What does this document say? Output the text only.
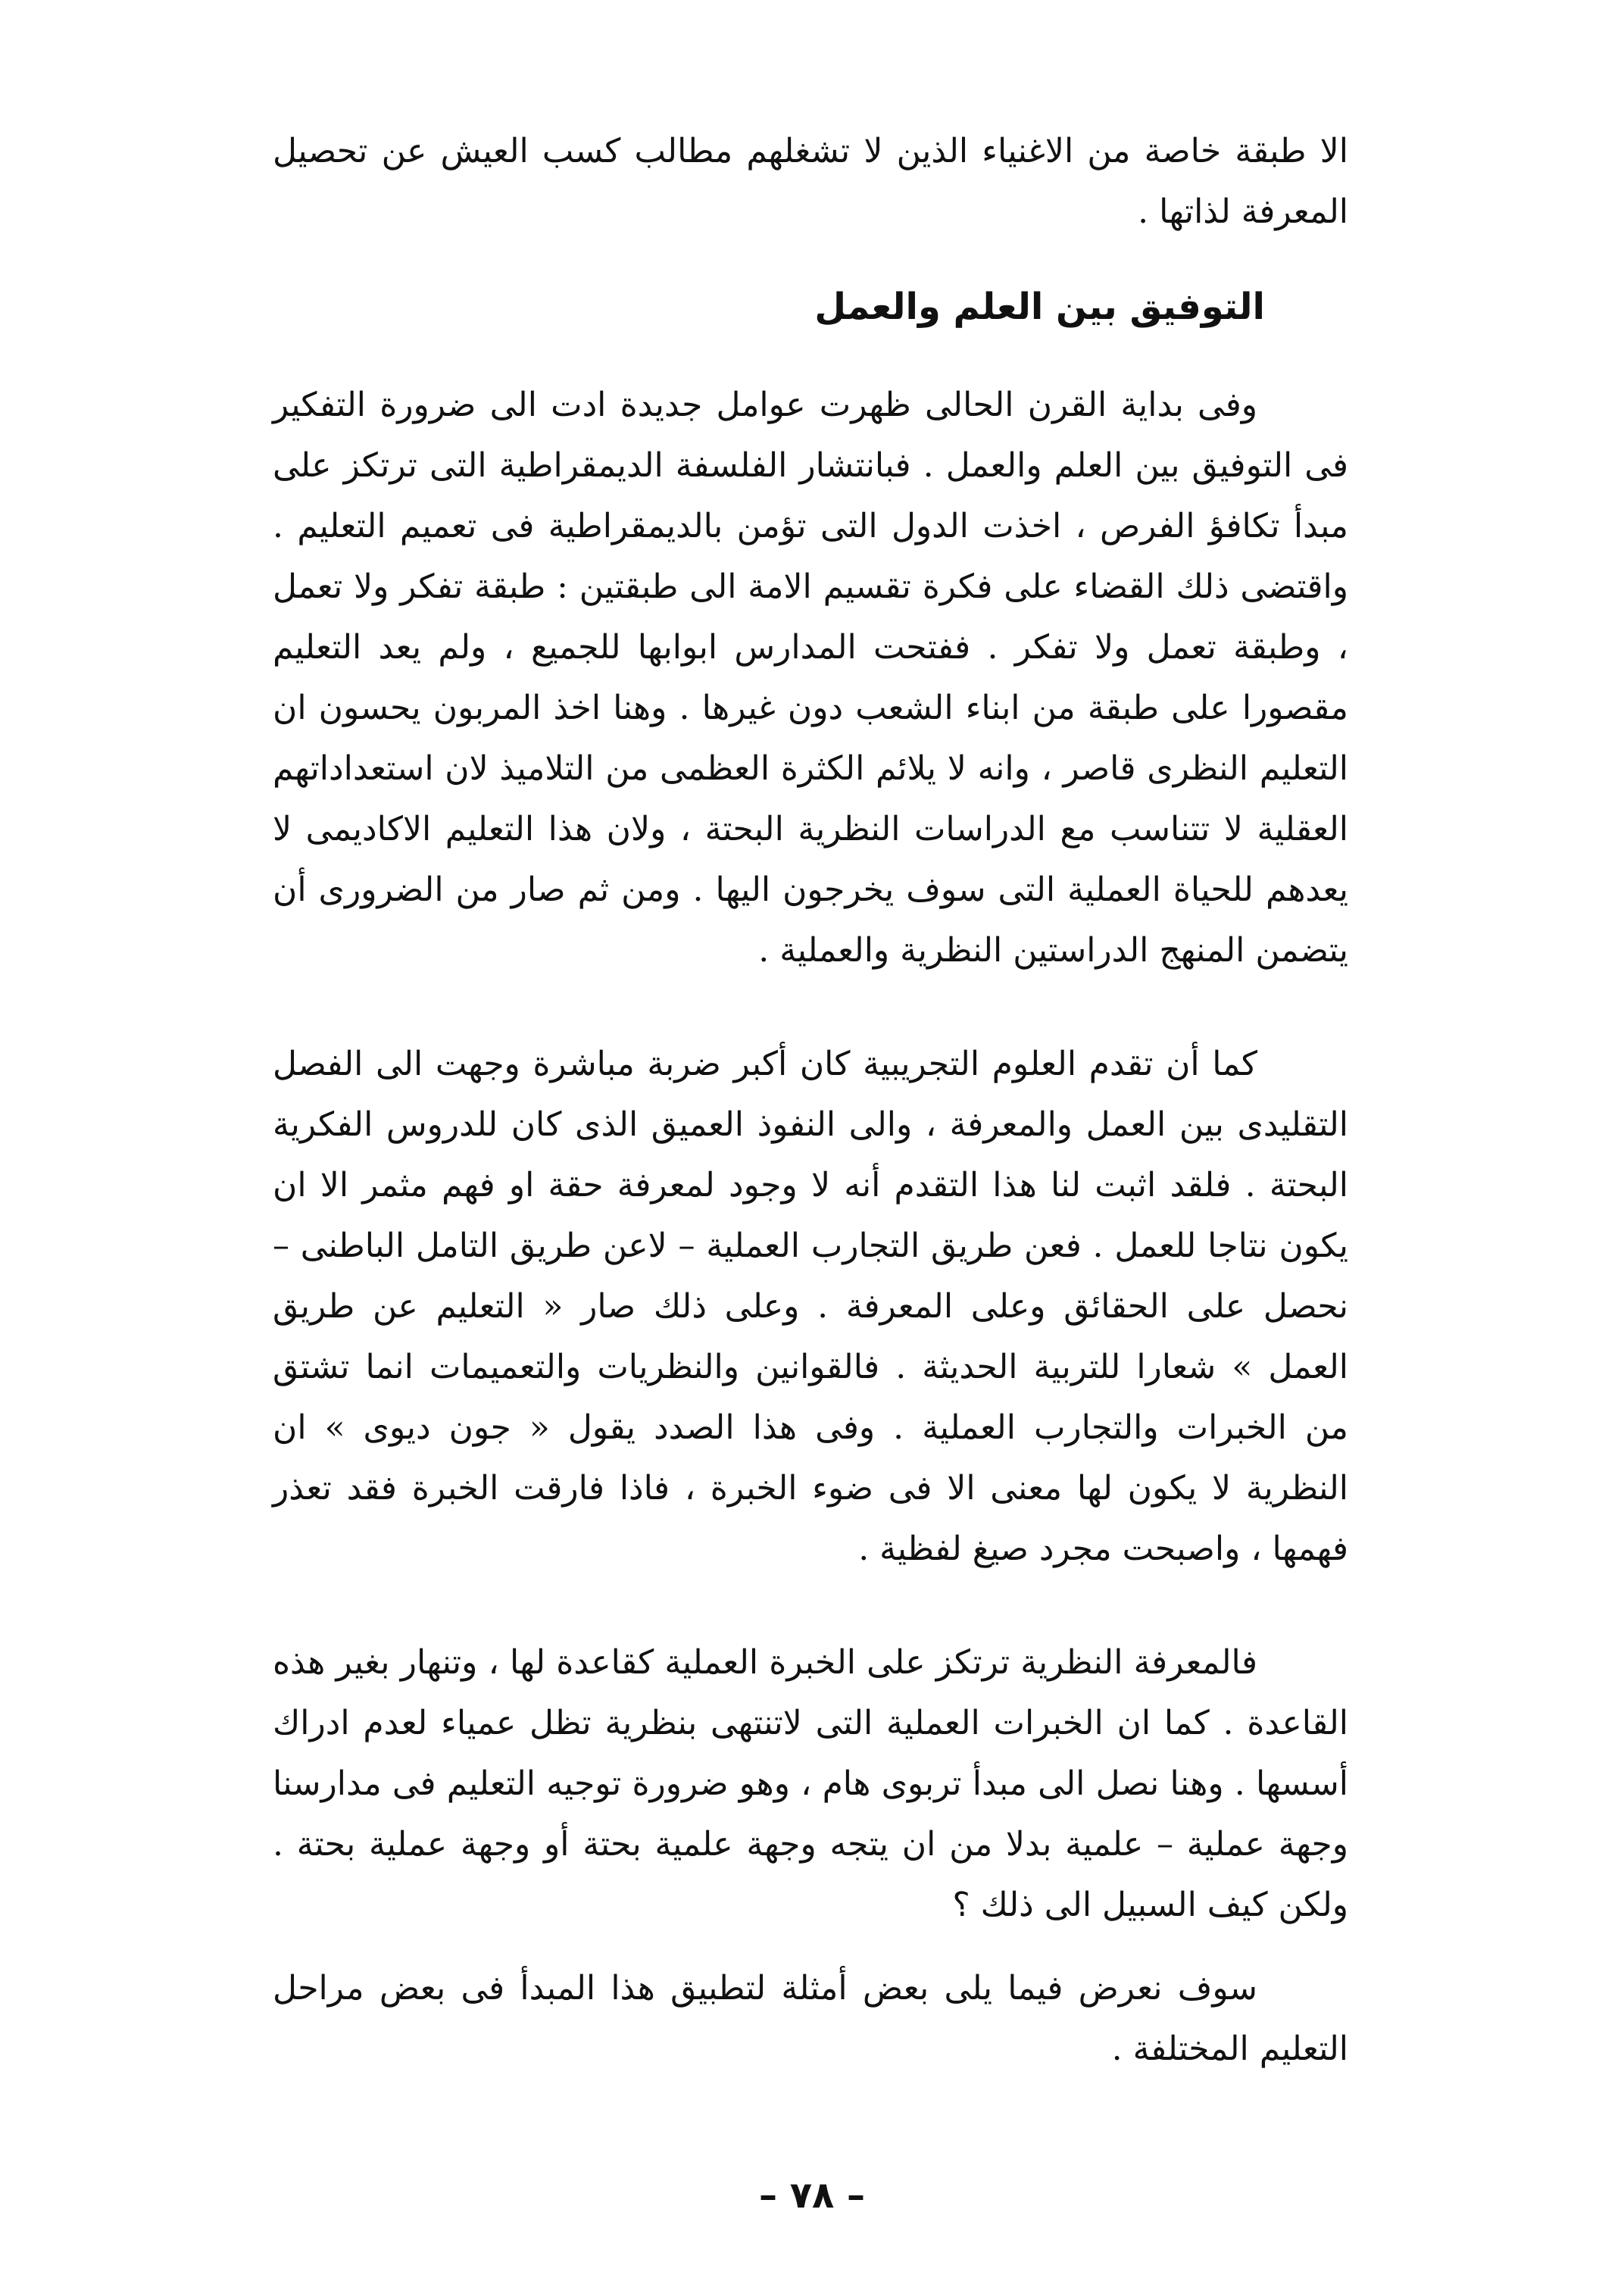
الا طبقة خاصة من الاغنياء الذين لا تشغلهم مطالب كسب العيش عن تحصيل المعرفة لذاتها .

التوفيق بين العلم والعمل

وفى بداية القرن الحالى ظهرت عوامل جديدة ادت الى ضرورة التفكير فى التوفيق بين العلم والعمل . فبانتشار الفلسفة الديمقراطية التى ترتكز على مبدأ تكافؤ الفرص ، اخذت الدول التى تؤمن بالديمقراطية فى تعميم التعليم . واقتضى ذلك القضاء على فكرة تقسيم الامة الى طبقتين : طبقة تفكر ولا تعمل ، وطبقة تعمل ولا تفكر . ففتحت المدارس ابوابها للجميع ، ولم يعد التعليم مقصورا على طبقة من ابناء الشعب دون غيرها . وهنا اخذ المربون يحسون ان التعليم النظرى قاصر ، وانه لا يلائم الكثرة العظمى من التلاميذ لان استعداداتهم العقلية لا تتناسب مع الدراسات النظرية البحتة ، ولان هذا التعليم الاكاديمى لا يعدهم للحياة العملية التى سوف يخرجون اليها . ومن ثم صار من الضرورى أن يتضمن المنهج الدراستين النظرية والعملية .

كما أن تقدم العلوم التجريبية كان أكبر ضربة مباشرة وجهت الى الفصل التقليدى بين العمل والمعرفة ، والى النفوذ العميق الذى كان للدروس الفكرية البحتة . فلقد اثبت لنا هذا التقدم أنه لا وجود لمعرفة حقة او فهم مثمر الا ان يكون نتاجا للعمل . فعن طريق التجارب العملية – لاعن طريق التامل الباطنى – نحصل على الحقائق وعلى المعرفة . وعلى ذلك صار « التعليم عن طريق العمل » شعارا للتربية الحديثة . فالقوانين والنظريات والتعميمات انما تشتق من الخبرات والتجارب العملية . وفى هذا الصدد يقول « جون ديوى » ان النظرية لا يكون لها معنى الا فى ضوء الخبرة ، فاذا فارقت الخبرة فقد تعذر فهمها ، واصبحت مجرد صيغ لفظية .

فالمعرفة النظرية ترتكز على الخبرة العملية كقاعدة لها ، وتنهار بغير هذه القاعدة . كما ان الخبرات العملية التى لاتنتهى بنظرية تظل عمياء لعدم ادراك أسسها . وهنا نصل الى مبدأ تربوى هام ، وهو ضرورة توجيه التعليم فى مدارسنا وجهة عملية – علمية بدلا من ان يتجه وجهة علمية بحتة أو وجهة عملية بحتة . ولكن كيف السبيل الى ذلك ؟

سوف نعرض فيما يلى بعض أمثلة لتطبيق هذا المبدأ فى بعض مراحل التعليم المختلفة .

– ٧٨ –
